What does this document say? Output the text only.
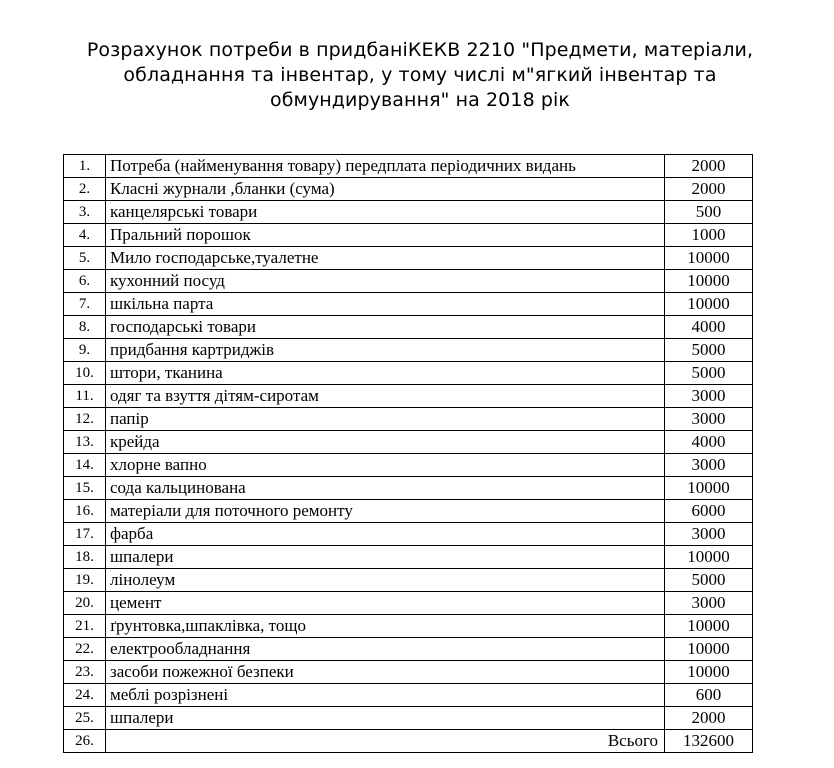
Розрахунок потреби в придбаніКЕКВ 2210 "Предмети, матеріали,
обладнання та інвентар, у тому числі м"ягкий інвентар та
обмундирування" на 2018 рік
1.	Потреба (найменування товару) передплата періодичних видань	2000
2.	Класні журнали ,бланки (сума)	2000
3.	канцелярські товари	500
4.	Пральний порошок	1000
5.	Мило господарське,туалетне	10000
6.	кухонний посуд	10000
7.	шкільна парта	10000
8.	господарські товари	4000
9.	придбання картриджів	5000
10.	штори, тканина	5000
11.	одяг та взуття дітям-сиротам	3000
12.	папір	3000
13.	крейда	4000
14.	хлорне вапно	3000
15.	сода кальцинована	10000
16.	матеріали для поточного ремонту	6000
17.	фарба	3000
18.	шпалери	10000
19.	лінолеум	5000
20.	цемент	3000
21.	ґрунтовка,шпаклівка, тощо	10000
22.	електрообладнання	10000
23.	засоби пожежної безпеки	10000
24.	меблі розрізнені	600
25.	шпалери	2000
26.	Всього	132600
